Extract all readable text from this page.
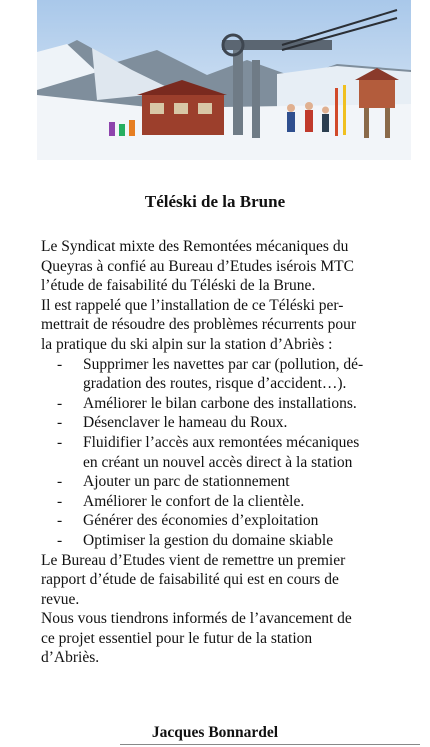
Téléski de la Brune

Le Syndicat mixte des Remontées mécaniques du
Queyras à confié au Bureau d’Etudes isérois MTC
l’étude de faisabilité du Téléski de la Brune.
Il est rappelé que l’installation de ce Téléski per-
mettrait de résoudre des problèmes récurrents pour
la pratique du ski alpin sur la station d’Abriès :

- Supprimer les navettes par car (pollution, dé-
gradation des routes, risque d’accident…).
- Améliorer le bilan carbone des installations.
- Désenclaver le hameau du Roux.
- Fluidifier l’accès aux remontées mécaniques
en créant un nouvel accès direct à la station
- Ajouter un parc de stationnement
- Améliorer le confort de la clientèle.
- Générer des économies d’exploitation
- Optimiser la gestion du domaine skiable

Le Bureau d’Etudes vient de remettre un premier
rapport d’étude de faisabilité qui est en cours de
revue.
Nous vous tiendrons informés de l’avancement de
ce projet essentiel pour le futur de la station
d’Abriès.

Jacques Bonnardel
